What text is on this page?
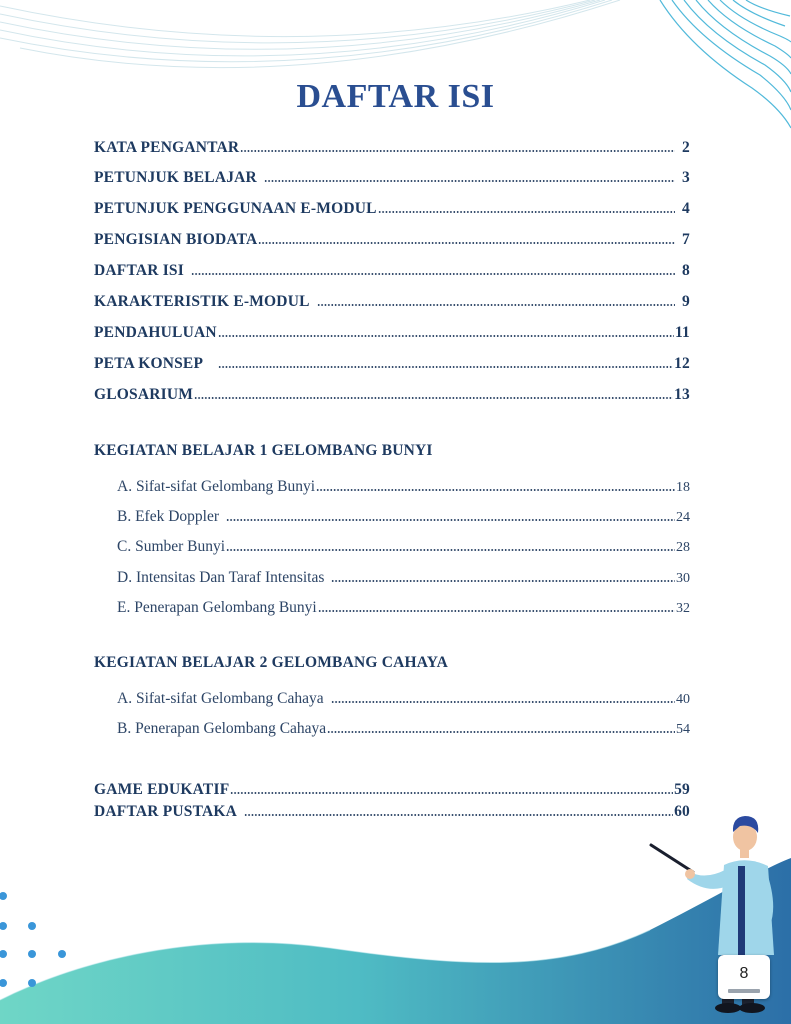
DAFTAR ISI
KATA PENGANTAR	2
PETUNJUK BELAJAR	3
PETUNJUK PENGGUNAAN E-MODUL	4
PENGISIAN BIODATA	7
DAFTAR ISI	8
KARAKTERISTIK E-MODUL	9
PENDAHULUAN	11
PETA KONSEP	12
GLOSARIUM	13
KEGIATAN BELAJAR 1 GELOMBANG BUNYI
A. Sifat-sifat Gelombang Bunyi	18
B. Efek Doppler	24
C. Sumber Bunyi	28
D. Intensitas Dan Taraf Intensitas	30
E. Penerapan Gelombang Bunyi	32
KEGIATAN BELAJAR 2 GELOMBANG CAHAYA
A. Sifat-sifat Gelombang Cahaya	40
B. Penerapan Gelombang Cahaya	54
GAME EDUKATIF	59
DAFTAR PUSTAKA	60
8
